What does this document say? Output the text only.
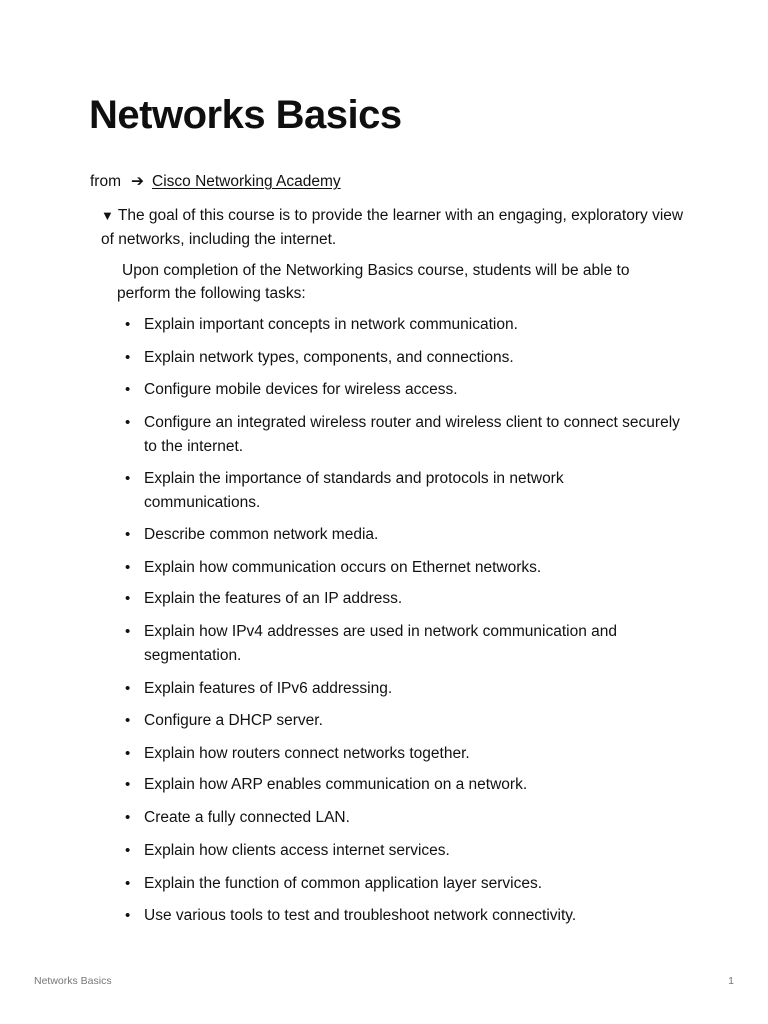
Networks Basics
from ➔ Cisco Networking Academy

▼ The goal of this course is to provide the learner with an engaging, exploratory view of networks, including the internet.

Upon completion of the Networking Basics course, students will be able to perform the following tasks:
• Explain important concepts in network communication.
• Explain network types, components, and connections.
• Configure mobile devices for wireless access.
• Configure an integrated wireless router and wireless client to connect securely to the internet.
• Explain the importance of standards and protocols in network communications.
• Describe common network media.
• Explain how communication occurs on Ethernet networks.
• Explain the features of an IP address.
• Explain how IPv4 addresses are used in network communication and segmentation.
• Explain features of IPv6 addressing.
• Configure a DHCP server.
• Explain how routers connect networks together.
• Explain how ARP enables communication on a network.
• Create a fully connected LAN.
• Explain how clients access internet services.
• Explain the function of common application layer services.
• Use various tools to test and troubleshoot network connectivity.
Networks Basics	1
